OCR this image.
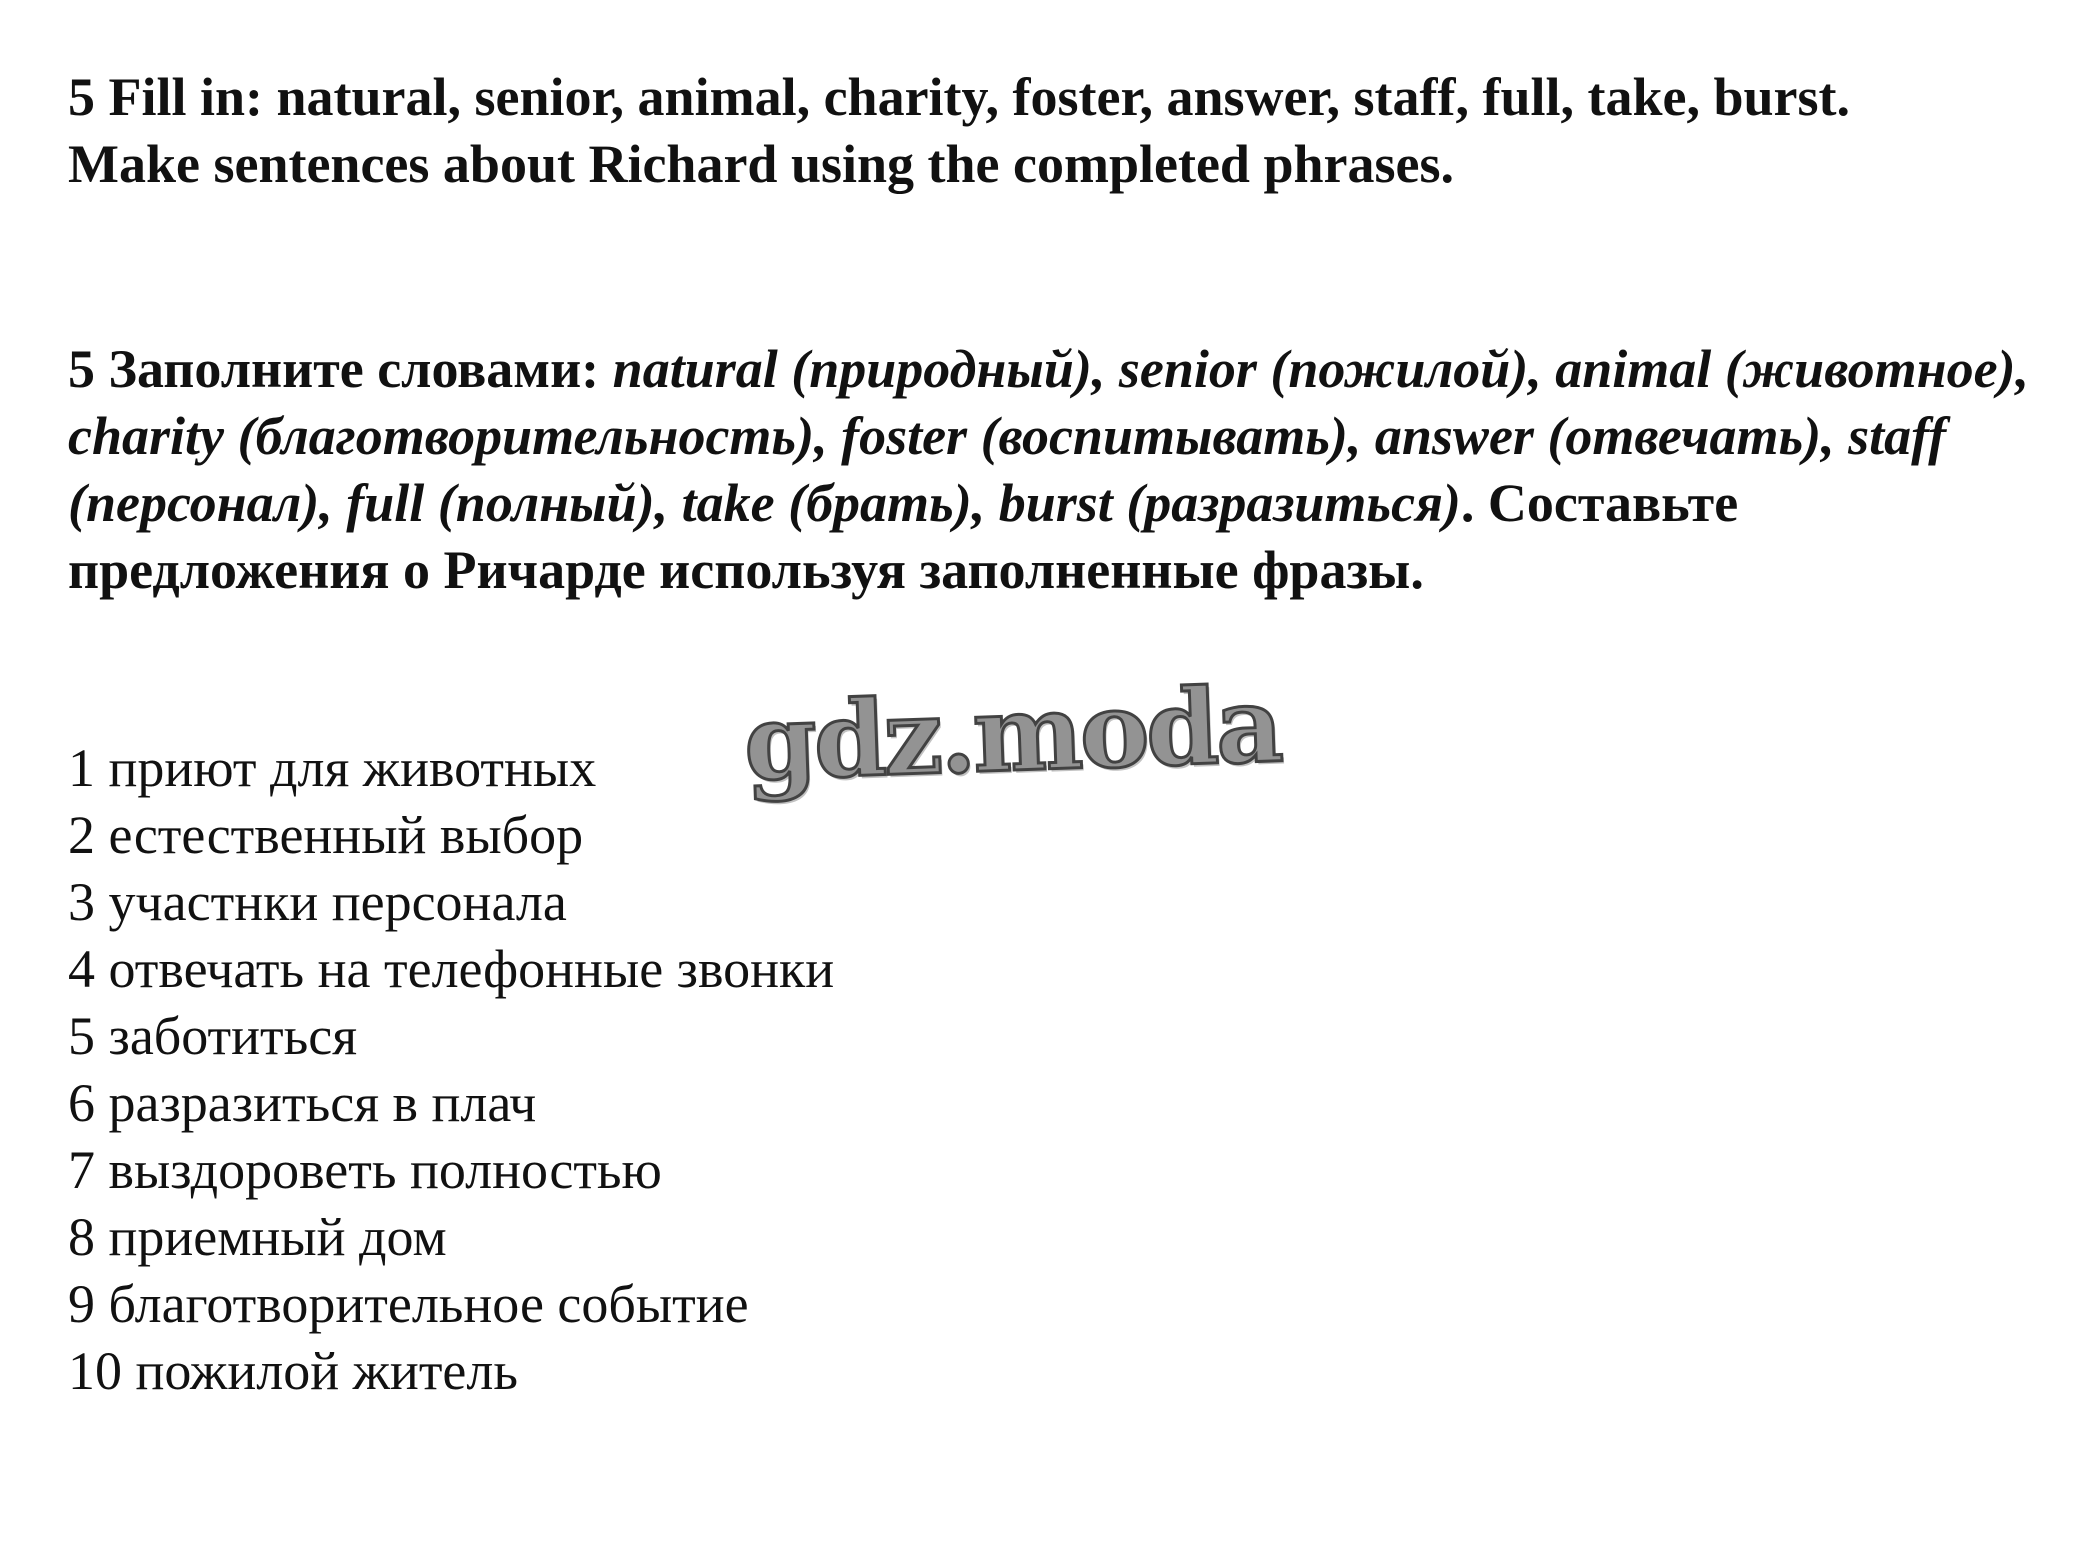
5 Fill in: natural, senior, animal, charity, foster, answer, staff, full, take, burst.
Make sentences about Richard using the completed phrases.

5 Заполните словами: natural (природный), senior (пожилой), animal (животное), charity (благотворительность), foster (воспитывать), answer (отвечать), staff (персонал), full (полный), take (брать), burst (разразиться). Составьте предложения о Ричарде используя заполненные фразы.

gdz.moda
1 приют для животных
2 естественный выбор
3 участнки персонала
4 отвечать на телефонные звонки
5 заботиться
6 разразиться в плач
7 выздороветь полностью
8 приемный дом
9 благотворительное событие
10 пожилой житель
